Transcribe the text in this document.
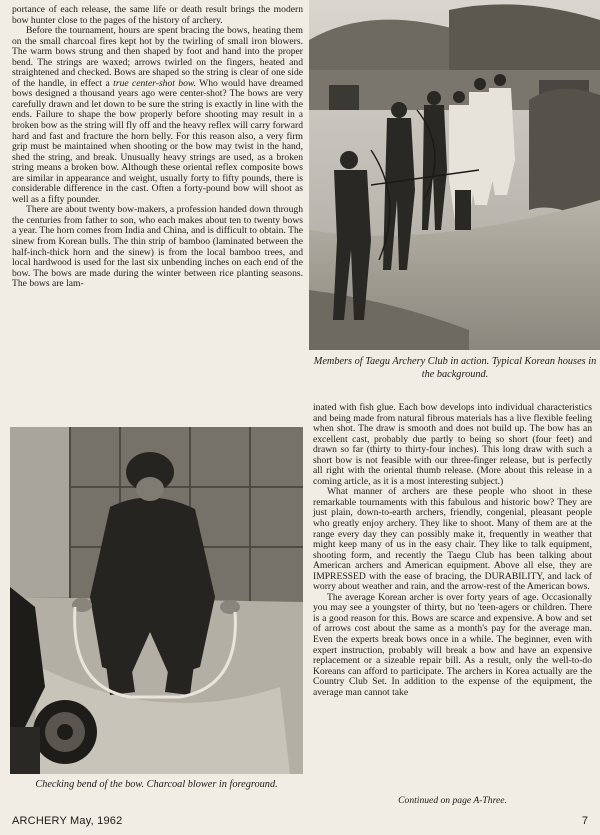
portance of each release, the same life or death result brings the modern bow hunter close to the pages of the history of archery.

Before the tournament, hours are spent bracing the bows, heating them on the small charcoal fires kept hot by the twirling of small iron blowers. The warm bows strung and then shaped by foot and hand into the proper bend. The strings are waxed; arrows twirled on the fingers, heated and straightened and checked. Bows are shaped so the string is clear of one side of the handle, in effect a true center-shot bow. Who would have dreamed bows designed a thousand years ago were center-shot? The bows are very carefully drawn and let down to be sure the string is exactly in line with the ends. Failure to shape the bow properly before shooting may result in a broken bow as the string will fly off and the heavy reflex will carry forward hard and fast and fracture the horn belly. For this reason also, a very firm grip must be maintained when shooting or the bow may twist in the hand, shed the string, and break. Unusually heavy strings are used, as a broken string means a broken bow. Although these oriental reflex composite bows are similar in appearance and weight, usually forty to fifty pounds, there is considerable difference in the cast. Often a forty-pound bow will shoot as well as a fifty pounder.

There are about twenty bow-makers, a profession handed down through the centuries from father to son, who each makes about ten to twenty bows a year. The horn comes from India and China, and is difficult to obtain. The sinew from Korean bulls. The thin strip of bamboo (laminated between the half-inch-thick horn and the sinew) is from the local bamboo trees, and local hardwood is used for the last six unbending inches on each end of the bow. The bows are made during the winter between rice planting seasons. The bows are lam-

Members of Taegu Archery Club in action. Typical Korean houses in the background.
Checking bend of the bow. Charcoal blower in foreground.

inated with fish glue. Each bow develops into individual characteristics and being made from natural fibrous materials has a live flexible feeling when shot. The draw is smooth and does not build up. The bow has an excellent cast, probably due partly to being so short (four feet) and drawn so far (thirty to thirty-four inches). This long draw with such a short bow is not feasible with our three-finger release, but is perfectly all right with the oriental thumb release. (More about this release in a coming article, as it is a most interesting subject.)

What manner of archers are these people who shoot in these remarkable tournaments with this fabulous and historic bow? They are just plain, down-to-earth archers, friendly, congenial, pleasant people who greatly enjoy archery. They like to shoot. Many of them are at the range every day they can possibly make it, frequently in weather that might keep many of us in the easy chair. They like to talk equipment, shooting form, and recently the Taegu Club has been talking about American archers and American equipment. Above all else, they are IMPRESSED with the ease of bracing, the DURABILITY, and lack of worry about weather and rain, and the arrow-rest of the American bows.

The average Korean archer is over forty years of age. Occasionally you may see a youngster of thirty, but no 'teen-agers or children. There is a good reason for this. Bows are scarce and expensive. A bow and set of arrows cost about the same as a month's pay for the average man. Even the experts break bows once in a while. The beginner, even with expert instruction, probably will break a bow and have an expensive replacement or a sizeable repair bill. As a result, only the well-to-do Koreans can afford to participate. The archers in Korea actually are the Country Club Set. In addition to the expense of the equipment, the average man cannot take

Continued on page A-Three.
ARCHERY May, 1962	7
